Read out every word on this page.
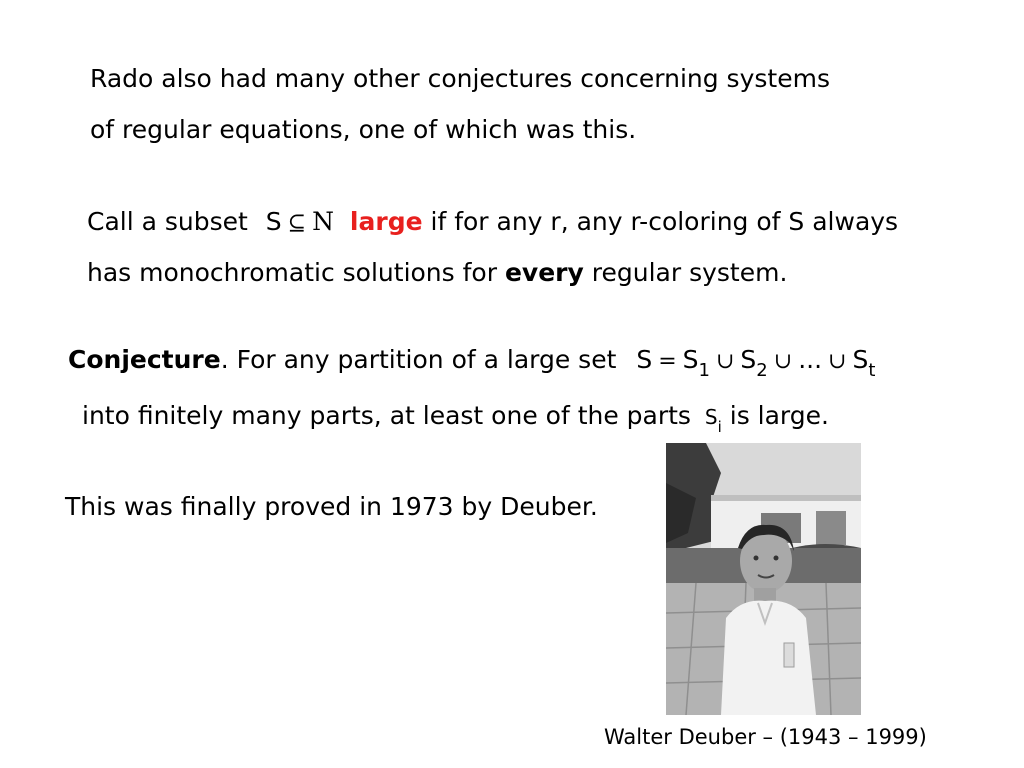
Rado also had many other conjectures concerning systems
of regular equations, one of which was this.
Call a subset S ⊆ N large if for any r, any r-coloring of S always
has monochromatic solutions for every regular system.
Conjecture. For any partition of a large set $S = S_1$ ∪ $S_2$ ∪ ... ∪ $S_t$
into finitely many parts, at least one of the parts $S_i$ is large.
This was finally proved in 1973 by Deuber.
Walter Deuber – (1943 – 1999)
